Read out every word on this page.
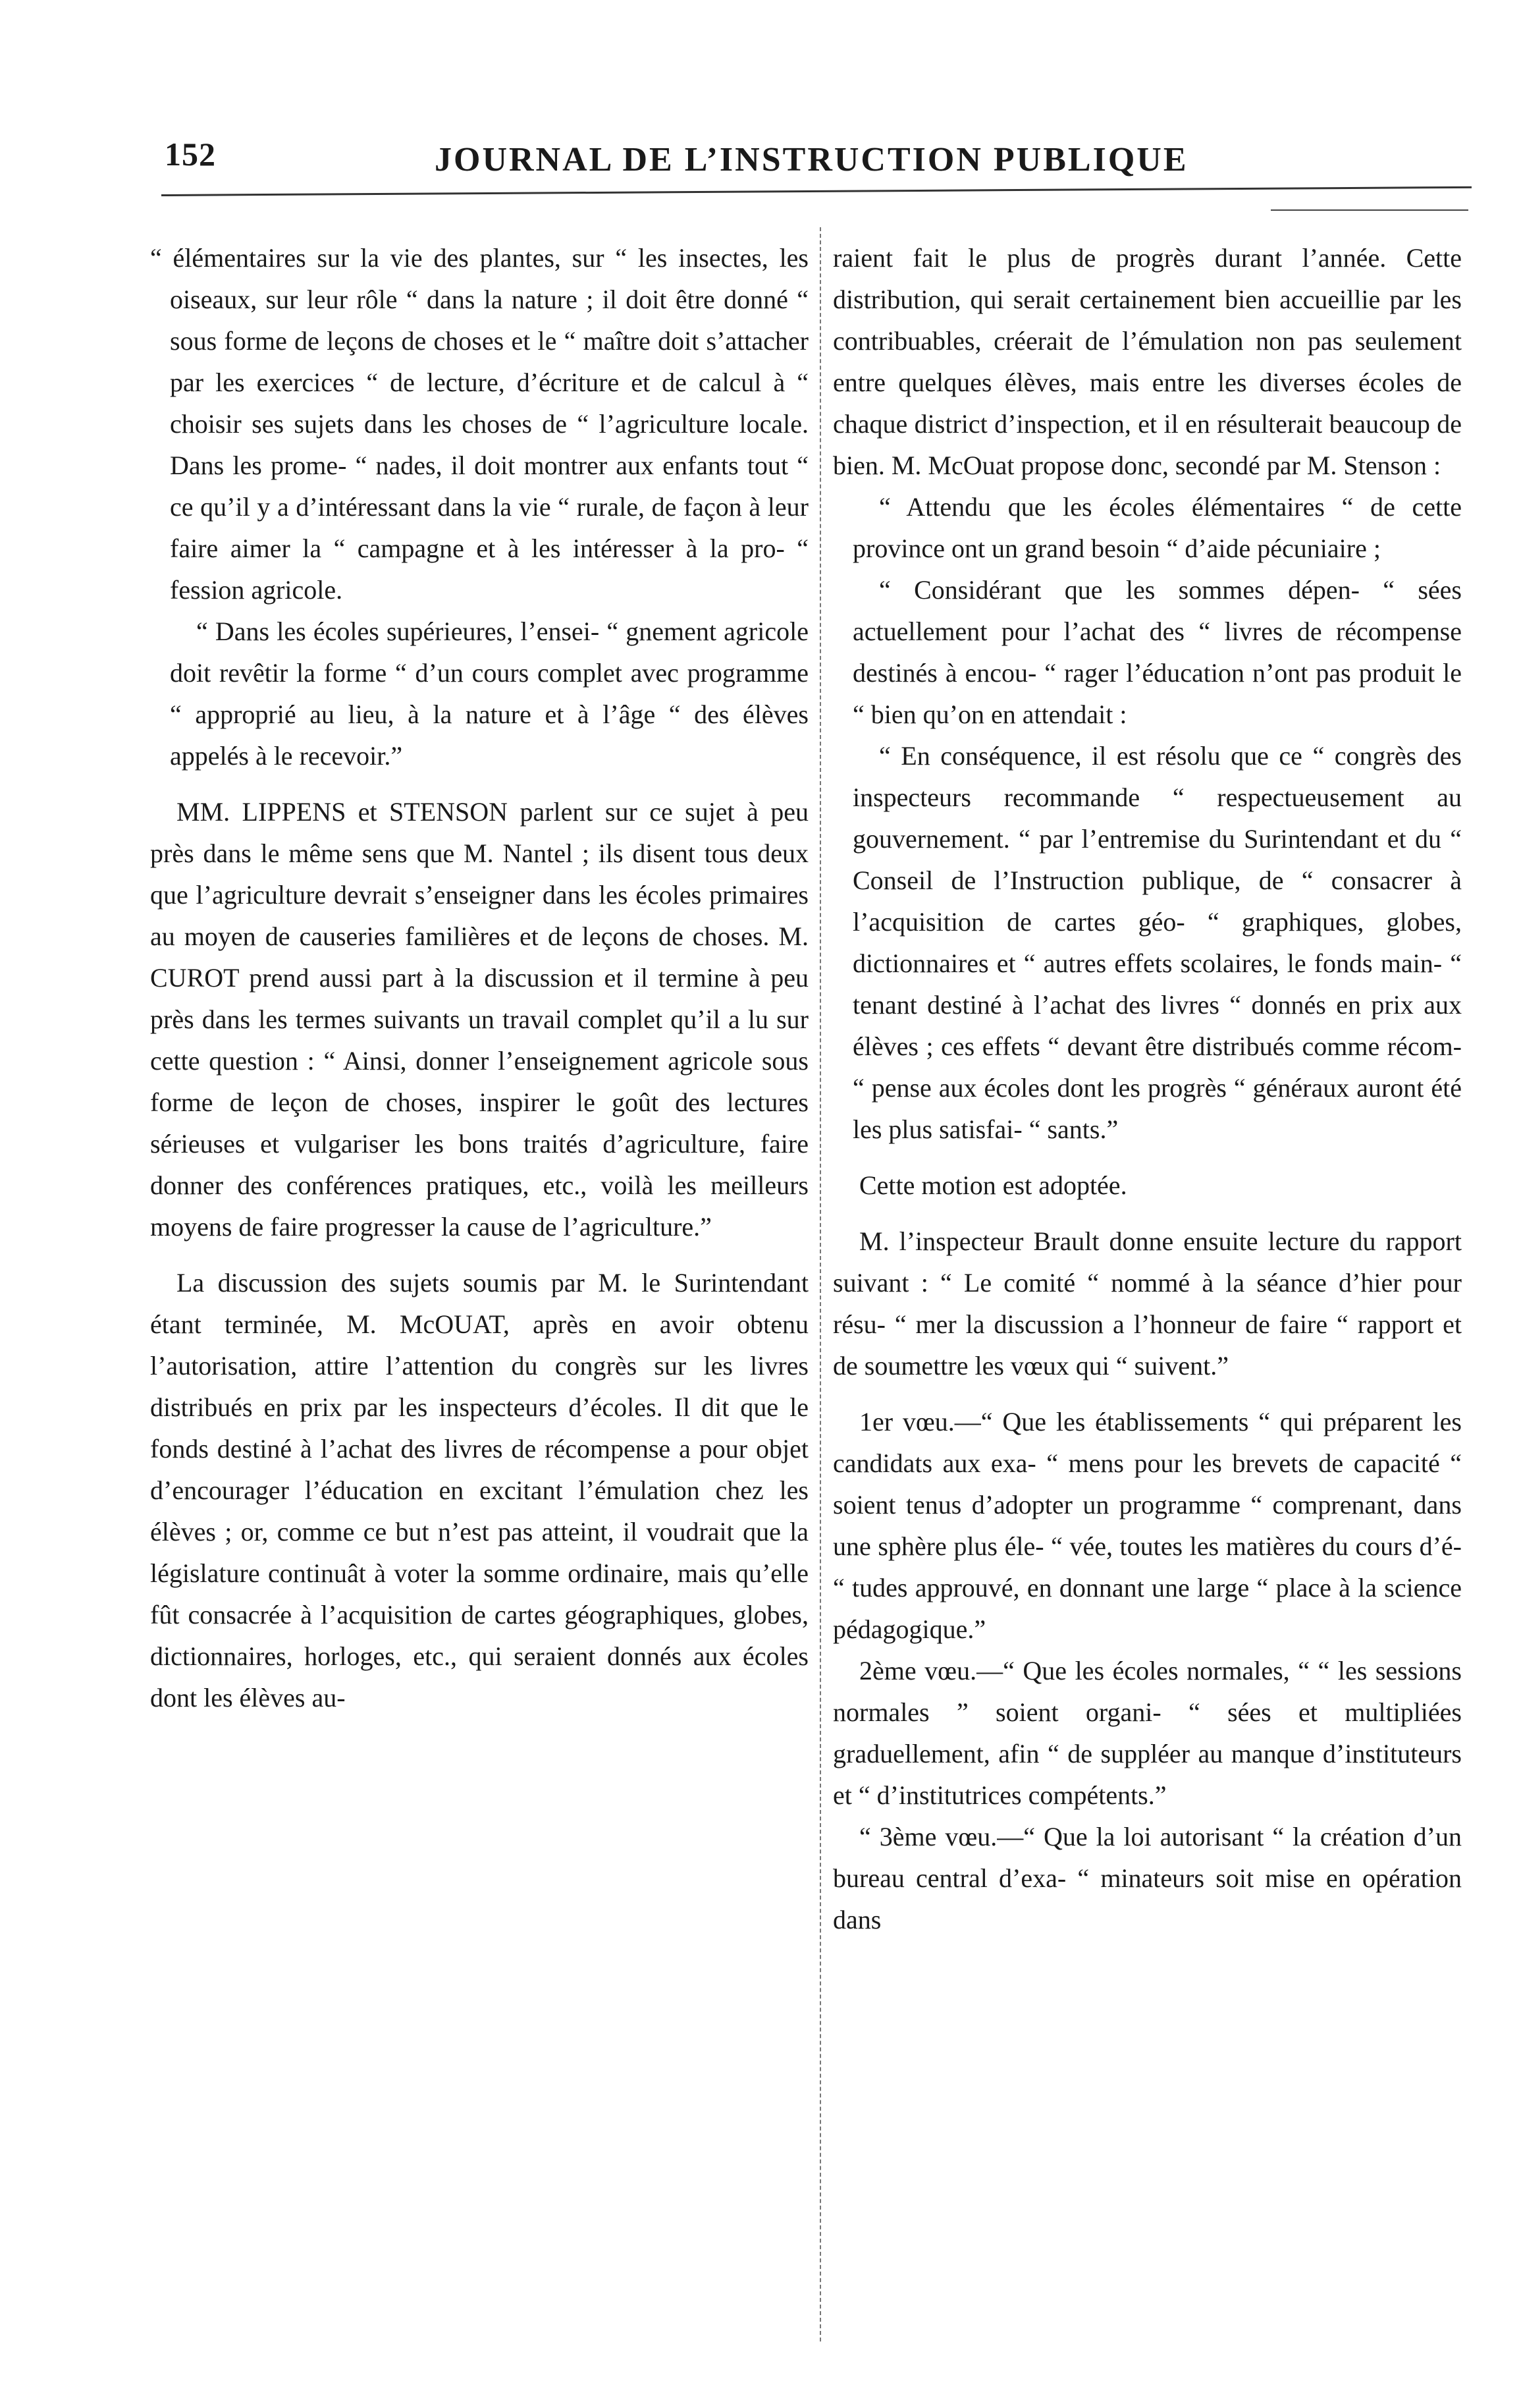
152	JOURNAL DE L’INSTRUCTION PUBLIQUE

“ élémentaires sur la vie des plantes, sur “ les insectes, les oiseaux, sur leur rôle “ dans la nature ; il doit être donné “ sous forme de leçons de choses et le “ maître doit s’attacher par les exercices “ de lecture, d’écriture et de calcul à “ choisir ses sujets dans les choses de “ l’agriculture locale. Dans les prome- “ nades, il doit montrer aux enfants tout “ ce qu’il y a d’intéressant dans la vie “ rurale, de façon à leur faire aimer la “ campagne et à les intéresser à la pro- “ fession agricole.

“ Dans les écoles supérieures, l’ensei- “ gnement agricole doit revêtir la forme “ d’un cours complet avec programme “ approprié au lieu, à la nature et à l’âge “ des élèves appelés à le recevoir.”

MM. LIPPENS et STENSON parlent sur ce sujet à peu près dans le même sens que M. Nantel ; ils disent tous deux que l’agriculture devrait s’enseigner dans les écoles primaires au moyen de causeries familières et de leçons de choses. M. CUROT prend aussi part à la discussion et il termine à peu près dans les termes suivants un travail complet qu’il a lu sur cette question : “ Ainsi, donner l’enseignement agricole sous forme de leçon de choses, inspirer le goût des lectures sérieuses et vulgariser les bons traités d’agriculture, faire donner des conférences pratiques, etc., voilà les meilleurs moyens de faire progresser la cause de l’agriculture.”

La discussion des sujets soumis par M. le Surintendant étant terminée, M. McOUAT, après en avoir obtenu l’autorisation, attire l’attention du congrès sur les livres distribués en prix par les inspecteurs d’écoles. Il dit que le fonds destiné à l’achat des livres de récompense a pour objet d’encourager l’éducation en excitant l’émulation chez les élèves ; or, comme ce but n’est pas atteint, il voudrait que la législature continuât à voter la somme ordinaire, mais qu’elle fût consacrée à l’acquisition de cartes géographiques, globes, dictionnaires, horloges, etc., qui seraient donnés aux écoles dont les élèves au-

raient fait le plus de progrès durant l’année. Cette distribution, qui serait certainement bien accueillie par les contribuables, créerait de l’émulation non pas seulement entre quelques élèves, mais entre les diverses écoles de chaque district d’inspection, et il en résulterait beaucoup de bien. M. McOuat propose donc, secondé par M. Stenson :

“ Attendu que les écoles élémentaires “ de cette province ont un grand besoin “ d’aide pécuniaire ;

“ Considérant que les sommes dépen- “ sées actuellement pour l’achat des “ livres de récompense destinés à encou- “ rager l’éducation n’ont pas produit le “ bien qu’on en attendait :

“ En conséquence, il est résolu que ce “ congrès des inspecteurs recommande “ respectueusement au gouvernement. “ par l’entremise du Surintendant et du “ Conseil de l’Instruction publique, de “ consacrer à l’acquisition de cartes géo- “ graphiques, globes, dictionnaires et “ autres effets scolaires, le fonds main- “ tenant destiné à l’achat des livres “ donnés en prix aux élèves ; ces effets “ devant être distribués comme récom- “ pense aux écoles dont les progrès “ généraux auront été les plus satisfai- “ sants.”

Cette motion est adoptée.

M. l’inspecteur Brault donne ensuite lecture du rapport suivant : “ Le comité “ nommé à la séance d’hier pour résu- “ mer la discussion a l’honneur de faire “ rapport et de soumettre les vœux qui “ suivent.”

1er vœu.—“ Que les établissements “ qui préparent les candidats aux exa- “ mens pour les brevets de capacité “ soient tenus d’adopter un programme “ comprenant, dans une sphère plus éle- “ vée, toutes les matières du cours d’é- “ tudes approuvé, en donnant une large “ place à la science pédagogique.”

2ème vœu.—“ Que les écoles normales, “ “ les sessions normales ” soient organi- “ sées et multipliées graduellement, afin “ de suppléer au manque d’instituteurs et “ d’institutrices compétents.”

“ 3ème vœu.—“ Que la loi autorisant “ la création d’un bureau central d’exa- “ minateurs soit mise en opération dans
